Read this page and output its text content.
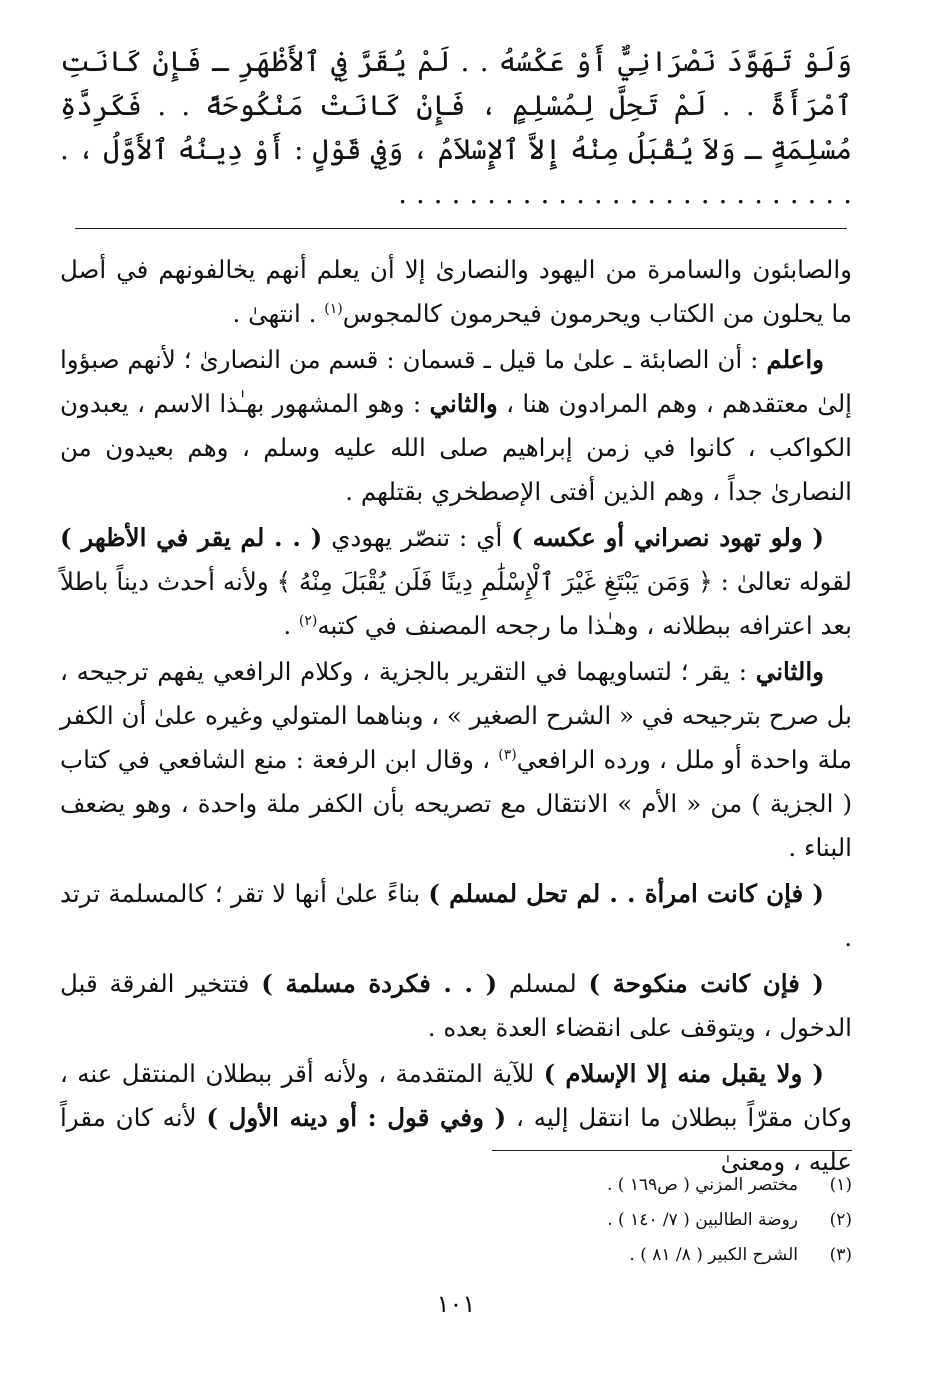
وَلَوْ تَهَوَّدَ نَصْرَانِيٌّ أَوْ عَكْسُهُ . . لَمْ يُقَرَّ فِي ٱلأَظْهَرِ ـ فَإِنْ كَانَتِ ٱمْرَأَةً . . لَمْ تَحِلَّ لِمُسْلِمٍ ، فَإِنْ كَانَتْ مَنْكُوحَةً . . فَكَرِدَّةِ مُسْلِمَةٍ ـ وَلاَ يُقْبَلُ مِنْهُ إِلاَّ ٱلإِسْلاَمُ ، وَفِي قَوْلٍ : أَوْ دِينُهُ ٱلأَوَّلُ ، . . . . . . . . . . . . . . . . . . . . . . . . . . .

والصابئون والسامرة من اليهود والنصارىٰ إلا أن يعلم أنهم يخالفونهم في أصل ما يحلون من الكتاب ويحرمون فيحرمون كالمجوس$^{(١)}$ . انتهىٰ .

واعلم : أن الصابئة ـ علىٰ ما قيل ـ قسمان : قسم من النصارىٰ ؛ لأنهم صبؤوا إلىٰ معتقدهم ، وهم المرادون هنا ، والثاني : وهو المشهور بهـٰذا الاسم ، يعبدون الكواكب ، كانوا في زمن إبراهيم صلى الله عليه وسلم ، وهم بعيدون من النصارىٰ جداً ، وهم الذين أفتى الإصطخري بقتلهم .

( ولو تهود نصراني أو عكسه ) أي : تنصّر يهودي ( . . لم يقر في الأظهر ) لقوله تعالىٰ : ﴿ وَمَن يَبْتَغِ غَيْرَ ٱلْإِسْلَٰمِ دِينًا فَلَن يُقْبَلَ مِنْهُ ﴾ ولأنه أحدث ديناً باطلاً بعد اعترافه ببطلانه ، وهـٰذا ما رجحه المصنف في كتبه$^{(٢)}$ .

والثاني : يقر ؛ لتساويهما في التقرير بالجزية ، وكلام الرافعي يفهم ترجيحه ، بل صرح بترجيحه في « الشرح الصغير » ، وبناهما المتولي وغيره علىٰ أن الكفر ملة واحدة أو ملل ، ورده الرافعي$^{(٣)}$ ، وقال ابن الرفعة : منع الشافعي في كتاب ( الجزية ) من « الأم » الانتقال مع تصريحه بأن الكفر ملة واحدة ، وهو يضعف البناء .

( فإن كانت امرأة . . لم تحل لمسلم ) بناءً علىٰ أنها لا تقر ؛ كالمسلمة ترتد .

( فإن كانت منكوحة ) لمسلم ( . . فكردة مسلمة ) فتتخير الفرقة قبل الدخول ، ويتوقف على انقضاء العدة بعده .

( ولا يقبل منه إلا الإسلام ) للآية المتقدمة ، ولأنه أقر ببطلان المنتقل عنه ، وكان مقرّاً ببطلان ما انتقل إليه ، ( وفي قول : أو دينه الأول ) لأنه كان مقراً عليه ، ومعنىٰ

(١)مختصر المزني ( ص١٦٩ ) .
(٢)روضة الطالبين ( ٧/ ١٤٠ ) .
(٣)الشرح الكبير ( ٨/ ٨١ ) .
١٠١
